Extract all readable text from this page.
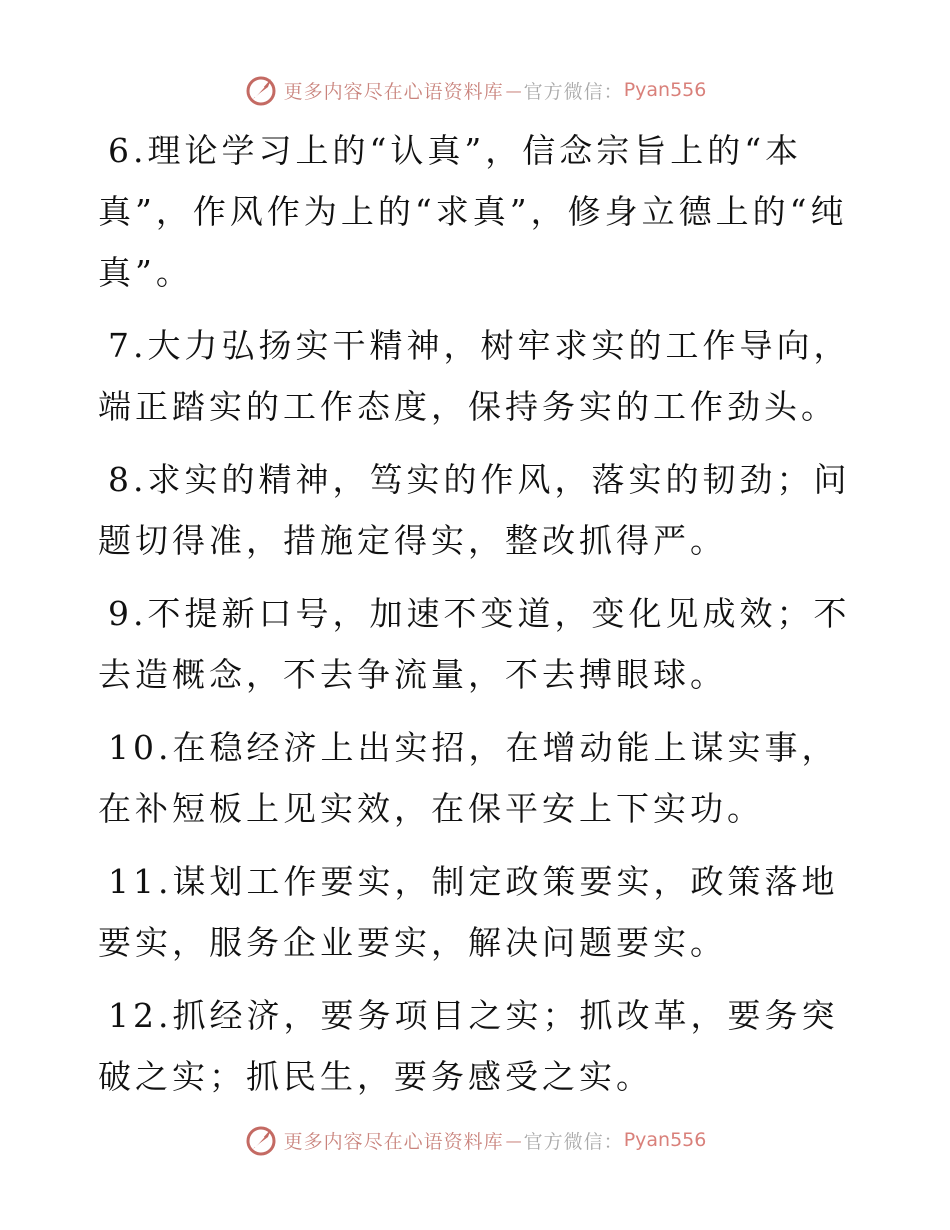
更多内容尽在心语资料库 — 官方微信： Pyan556

6.理论学习上的“认真”，信念宗旨上的“本真”，作风作为上的“求真”，修身立德上的“纯真”。

7.大力弘扬实干精神，树牢求实的工作导向，端正踏实的工作态度，保持务实的工作劲头。

8.求实的精神，笃实的作风，落实的韧劲；问题切得准，措施定得实，整改抓得严。

9.不提新口号，加速不变道，变化见成效；不去造概念，不去争流量，不去搏眼球。

10.在稳经济上出实招，在增动能上谋实事，在补短板上见实效，在保平安上下实功。

11.谋划工作要实，制定政策要实，政策落地要实，服务企业要实，解决问题要实。

12.抓经济，要务项目之实；抓改革，要务突破之实；抓民生，要务感受之实。

更多内容尽在心语资料库 — 官方微信： Pyan556
